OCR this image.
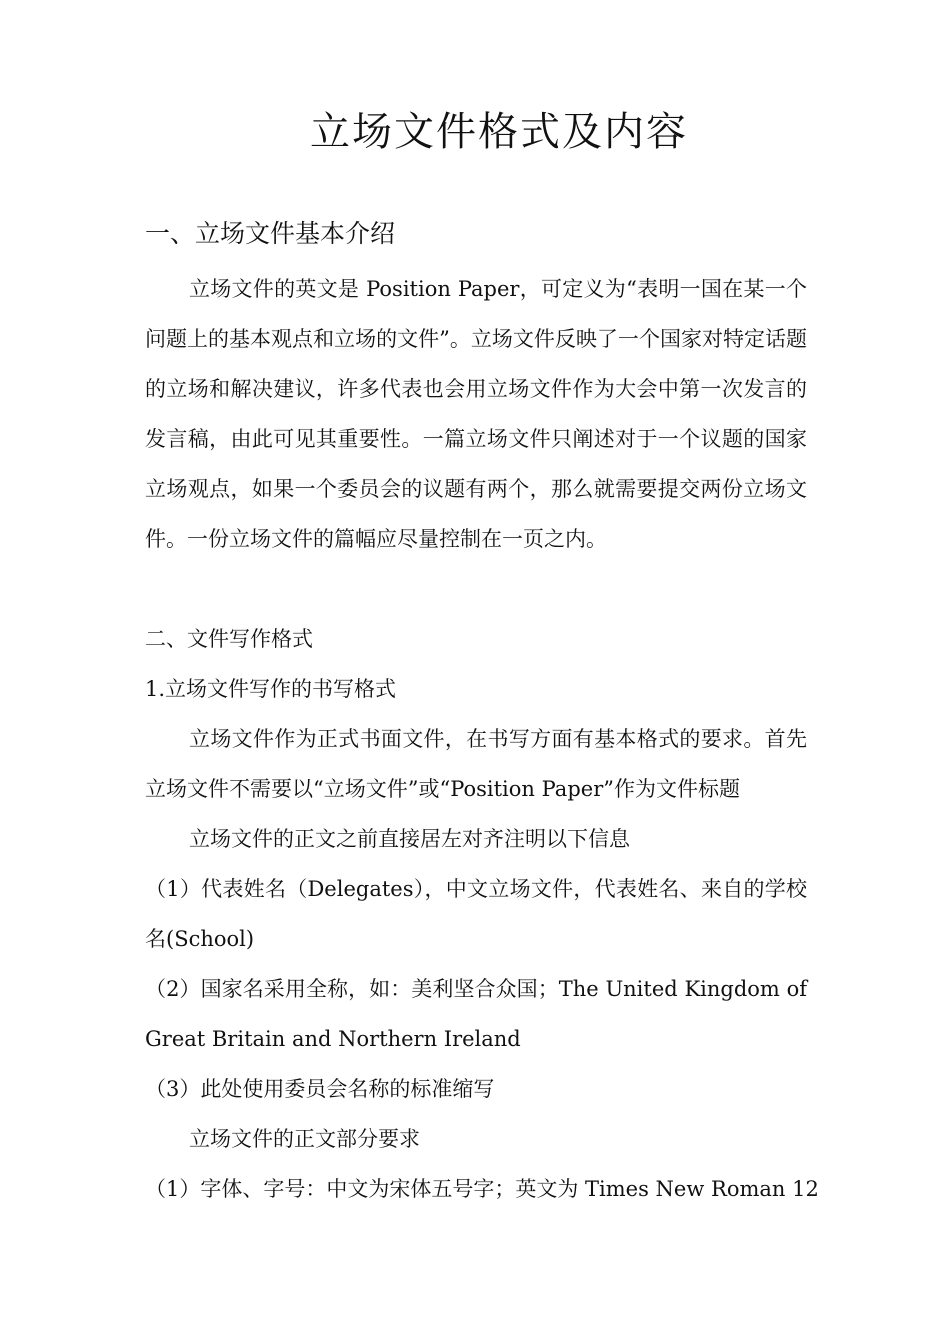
立场文件格式及内容
一、立场文件基本介绍

立场文件的英文是 Position Paper，可定义为“表明一国在某一个问题上的基本观点和立场的文件”。立场文件反映了一个国家对特定话题的立场和解决建议，许多代表也会用立场文件作为大会中第一次发言的发言稿，由此可见其重要性。一篇立场文件只阐述对于一个议题的国家立场观点，如果一个委员会的议题有两个，那么就需要提交两份立场文件。一份立场文件的篇幅应尽量控制在一页之内。

二、文件写作格式

1.立场文件写作的书写格式

立场文件作为正式书面文件，在书写方面有基本格式的要求。首先立场文件不需要以“立场文件”或“Position Paper”作为文件标题

立场文件的正文之前直接居左对齐注明以下信息

（1）代表姓名（Delegates），中文立场文件，代表姓名、来自的学校名(School)

（2）国家名采用全称，如：美利坚合众国；The United Kingdom of Great Britain and Northern Ireland

（3）此处使用委员会名称的标准缩写

立场文件的正文部分要求

（1）字体、字号：中文为宋体五号字；英文为 Times New Roman 12
